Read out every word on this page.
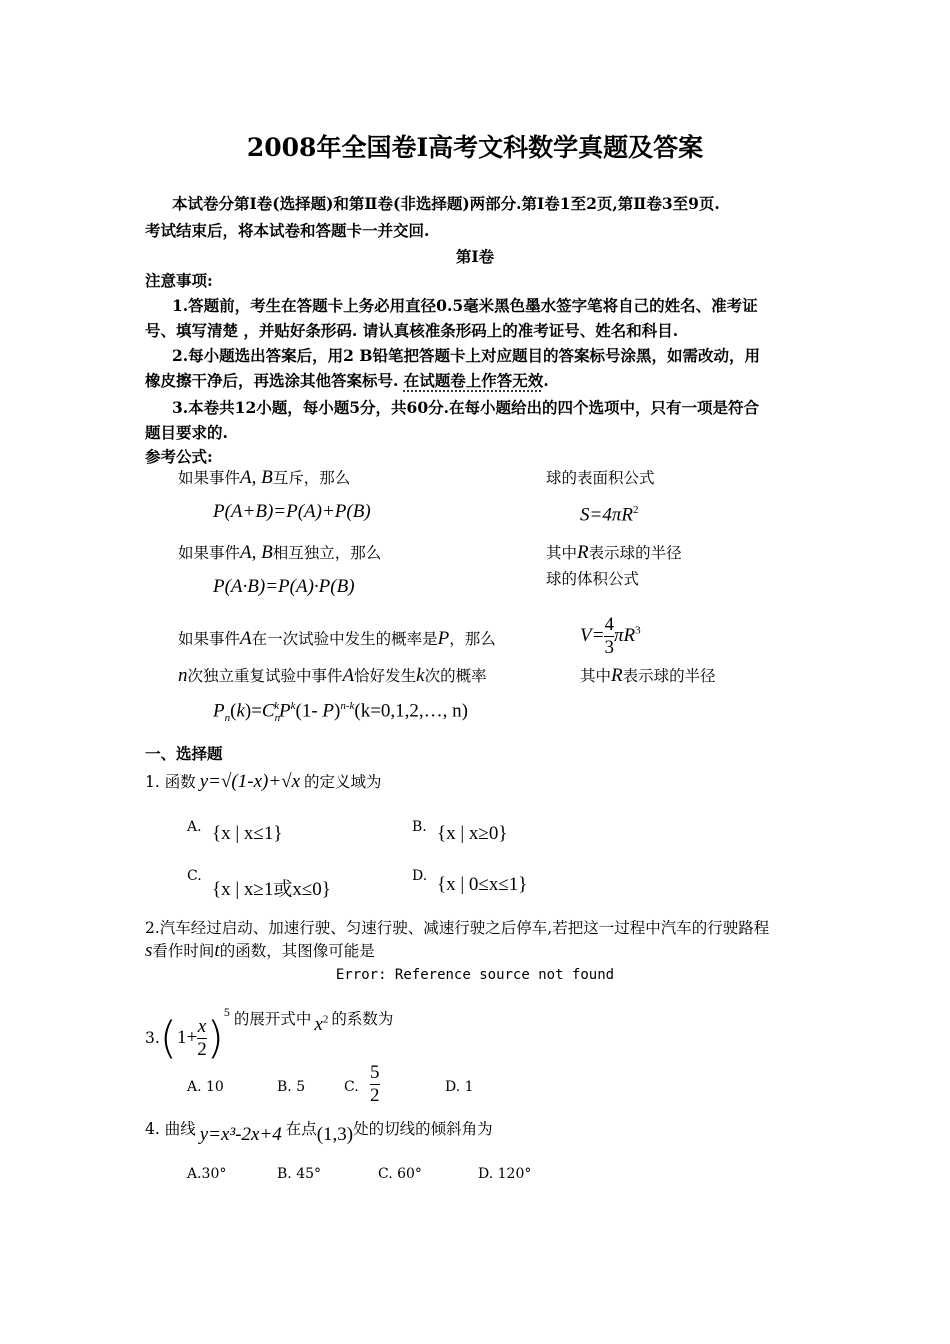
2008年全国卷Ⅰ高考文科数学真题及答案
本试卷分第Ⅰ卷(选择题)和第Ⅱ卷(非选择题)两部分.第Ⅰ卷1至2页,第Ⅱ卷3至9页.
考试结束后，将本试卷和答题卡一并交回.
第Ⅰ卷
注意事项:
1.答题前，考生在答题卡上务必用直径0.5毫米黑色墨水签字笔将自己的姓名、准考证
号、填写清楚 ，并贴好条形码. 请认真核准条形码上的准考证号、姓名和科目.
2.每小题选出答案后，用2 B铅笔把答题卡上对应题目的答案标号涂黑，如需改动，用
橡皮擦干净后，再选涂其他答案标号. 在试题卷上作答无效.
3.本卷共12小题，每小题5分，共60分.在每小题给出的四个选项中，只有一项是符合
题目要求的.
参考公式:
如果事件A, B互斥，那么
P(A+B)=P(A)+P(B)
如果事件A, B相互独立，那么
P(A·B)=P(A)·P(B)
如果事件A在一次试验中发生的概率是P，那么
n次独立重复试验中事件A恰好发生k次的概率
$P_n(k)=C_n^kP^k(1-$ P)$^{n-k}$(k=0,1,2,…, n)
球的表面积公式
$S=4\pi R^2$
其中R表示球的半径
球的体积公式
$V= \frac{4}{3} \pi R^3$
其中R表示球的半径
一、选择题
1. 函数 y=√(1-x)+√x 的定义域为
A. {x | x≤1}	B. {x | x≥0}
C.
{x | x≥1或x≤0}
D. {x | 0≤x≤1}
2.汽车经过启动、加速行驶、匀速行驶、减速行驶之后停车,若把这一过程中汽车的行驶路程
s看作时间t的函数，其图像可能是
Error: Reference source not found
$3.(1+ \frac{x}{2} )^5$ 的展开式中 $x^2$ 的系数为
A. 10	B. 5	C. $\frac{5}{2}$	D. 1
4. 曲线 y=x³-2x+4 在点(1,3)处的切线的倾斜角为
A.30°	B. 45°	C. 60°	D. 120°
